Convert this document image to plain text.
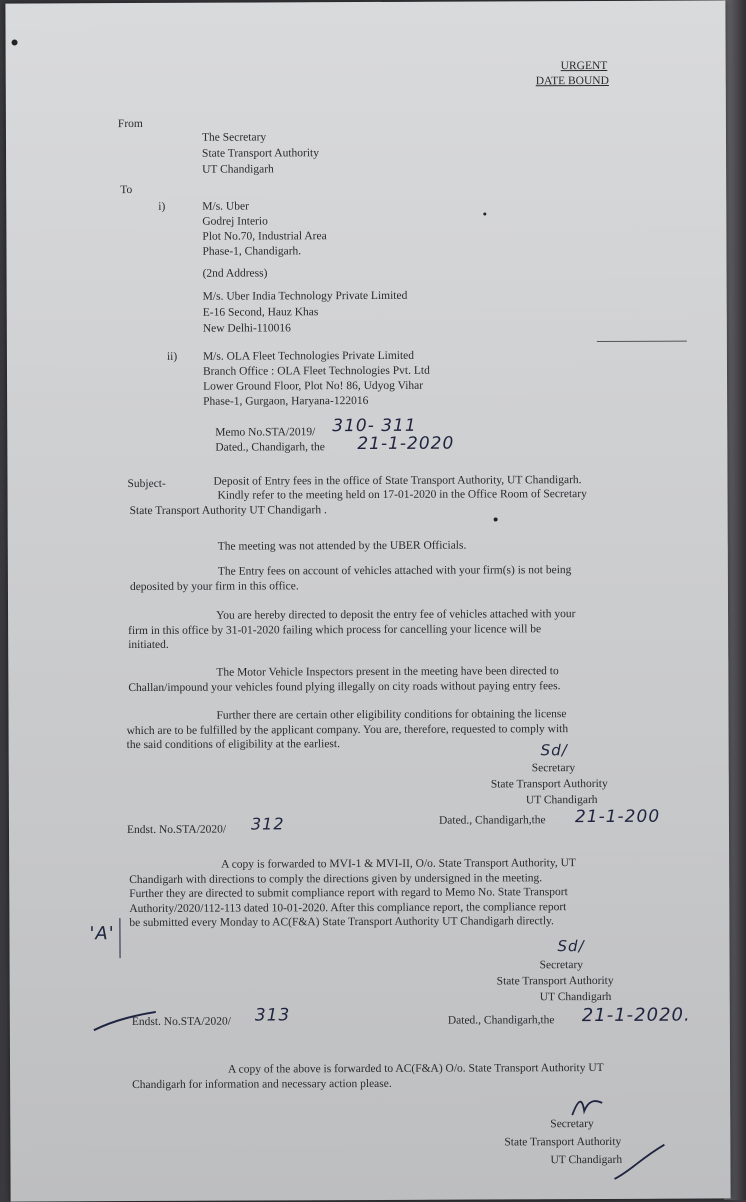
URGENT
DATE BOUND
From
The Secretary
State Transport Authority
UT Chandigarh
To
i)	M/s. Uber
Godrej Interio
Plot No.70, Industrial Area
Phase-1, Chandigarh.
(2nd Address)
M/s. Uber India Technology Private Limited
E-16 Second, Hauz Khas
New Delhi-110016
ii) M/s. OLA Fleet Technologies Private Limited
Branch Office : OLA Fleet Technologies Pvt. Ltd
Lower Ground Floor, Plot No! 86, Udyog Vihar
Phase-1, Gurgaon, Haryana-122016
Memo No.STA/2019/ 310- 311
Dated., Chandigarh, the 21-1-2020
Subject-	Deposit of Entry fees in the office of State Transport Authority, UT Chandigarh.
Kindly refer to the meeting held on 17-01-2020 in the Office Room of Secretary
State Transport Authority UT Chandigarh .
The meeting was not attended by the UBER Officials.
The Entry fees on account of vehicles attached with your firm(s) is not being
deposited by your firm in this office.
You are hereby directed to deposit the entry fee of vehicles attached with your
firm in this office by 31-01-2020 failing which process for cancelling your licence will be
initiated.
The Motor Vehicle Inspectors present in the meeting have been directed to
Challan/impound your vehicles found plying illegally on city roads without paying entry fees.
Further there are certain other eligibility conditions for obtaining the license
which are to be fulfilled by the applicant company. You are, therefore, requested to comply with
the said conditions of eligibility at the earliest.	Sd/
Secretary
State Transport Authority
UT Chandigarh
Endst. No.STA/2020/ 312	Dated., Chandigarh,the 21-1-200
A copy is forwarded to MVI-1 & MVI-II, O/o. State Transport Authority, UT
Chandigarh with directions to comply the directions given by undersigned in the meeting.
Further they are directed to submit compliance report with regard to Memo No. State Transport
Authority/2020/112-113 dated 10-01-2020. After this compliance report, the compliance report
be submitted every Monday to AC(F&A) State Transport Authority UT Chandigarh directly.
'A'
Sd/
Secretary
State Transport Authority
UT Chandigarh
Endst. No.STA/2020/ 313	Dated., Chandigarh,the 21-1-2020.
A copy of the above is forwarded to AC(F&A) O/o. State Transport Authority UT
Chandigarh for information and necessary action please.
Secretary
State Transport Authority
UT Chandigarh
